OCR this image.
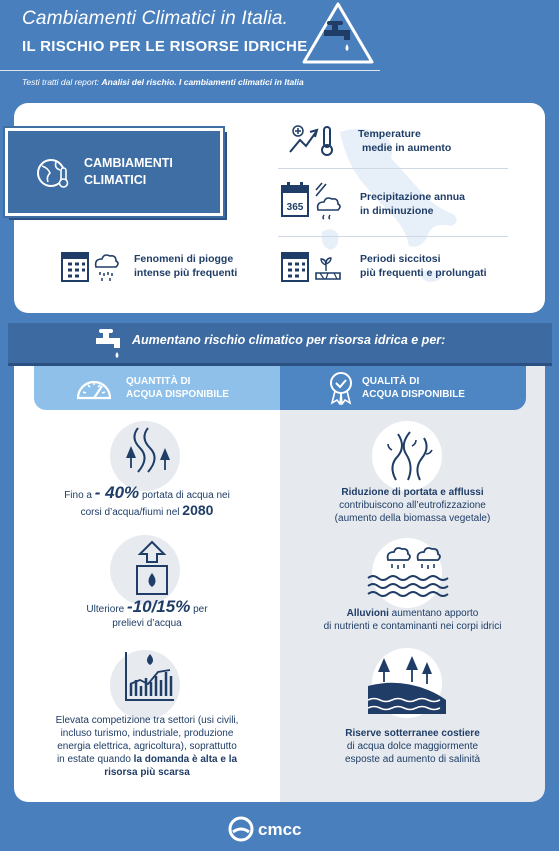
Cambiamenti Climatici in Italia.
IL RISCHIO PER LE RISORSE IDRICHE
Testi tratti dal report: Analisi del rischio. I cambiamenti climatici in Italia
CAMBIAMENTI CLIMATICI
Temperature
medie in aumento
365
Precipitazione annua
in diminuzione
Fenomeni di piogge
intense più frequenti
Periodi siccitosi
più frequenti e prolungati
Aumentano rischio climatico per risorsa idrica e per:
QUANTITÀ DI
ACQUA DISPONIBILE
QUALITÀ DI
ACQUA DISPONIBILE
Fino a - 40% portata di acqua nei
corsi d’acqua/fiumi nel 2080
Ulteriore -10/15% per
prelievi d’acqua
Elevata competizione tra settori (usi civili,
incluso turismo, industriale, produzione
energia elettrica, agricoltura), soprattutto
in estate quando la domanda è alta e la
risorsa più scarsa
Riduzione di portata e afflussi
contribuiscono all’eutrofizzazione
(aumento della biomassa vegetale)
Alluvioni aumentano apporto
di nutrienti e contaminanti nei corpi idrici
Riserve sotterranee costiere
di acqua dolce maggiormente
esposte ad aumento di salinità
cmcc
